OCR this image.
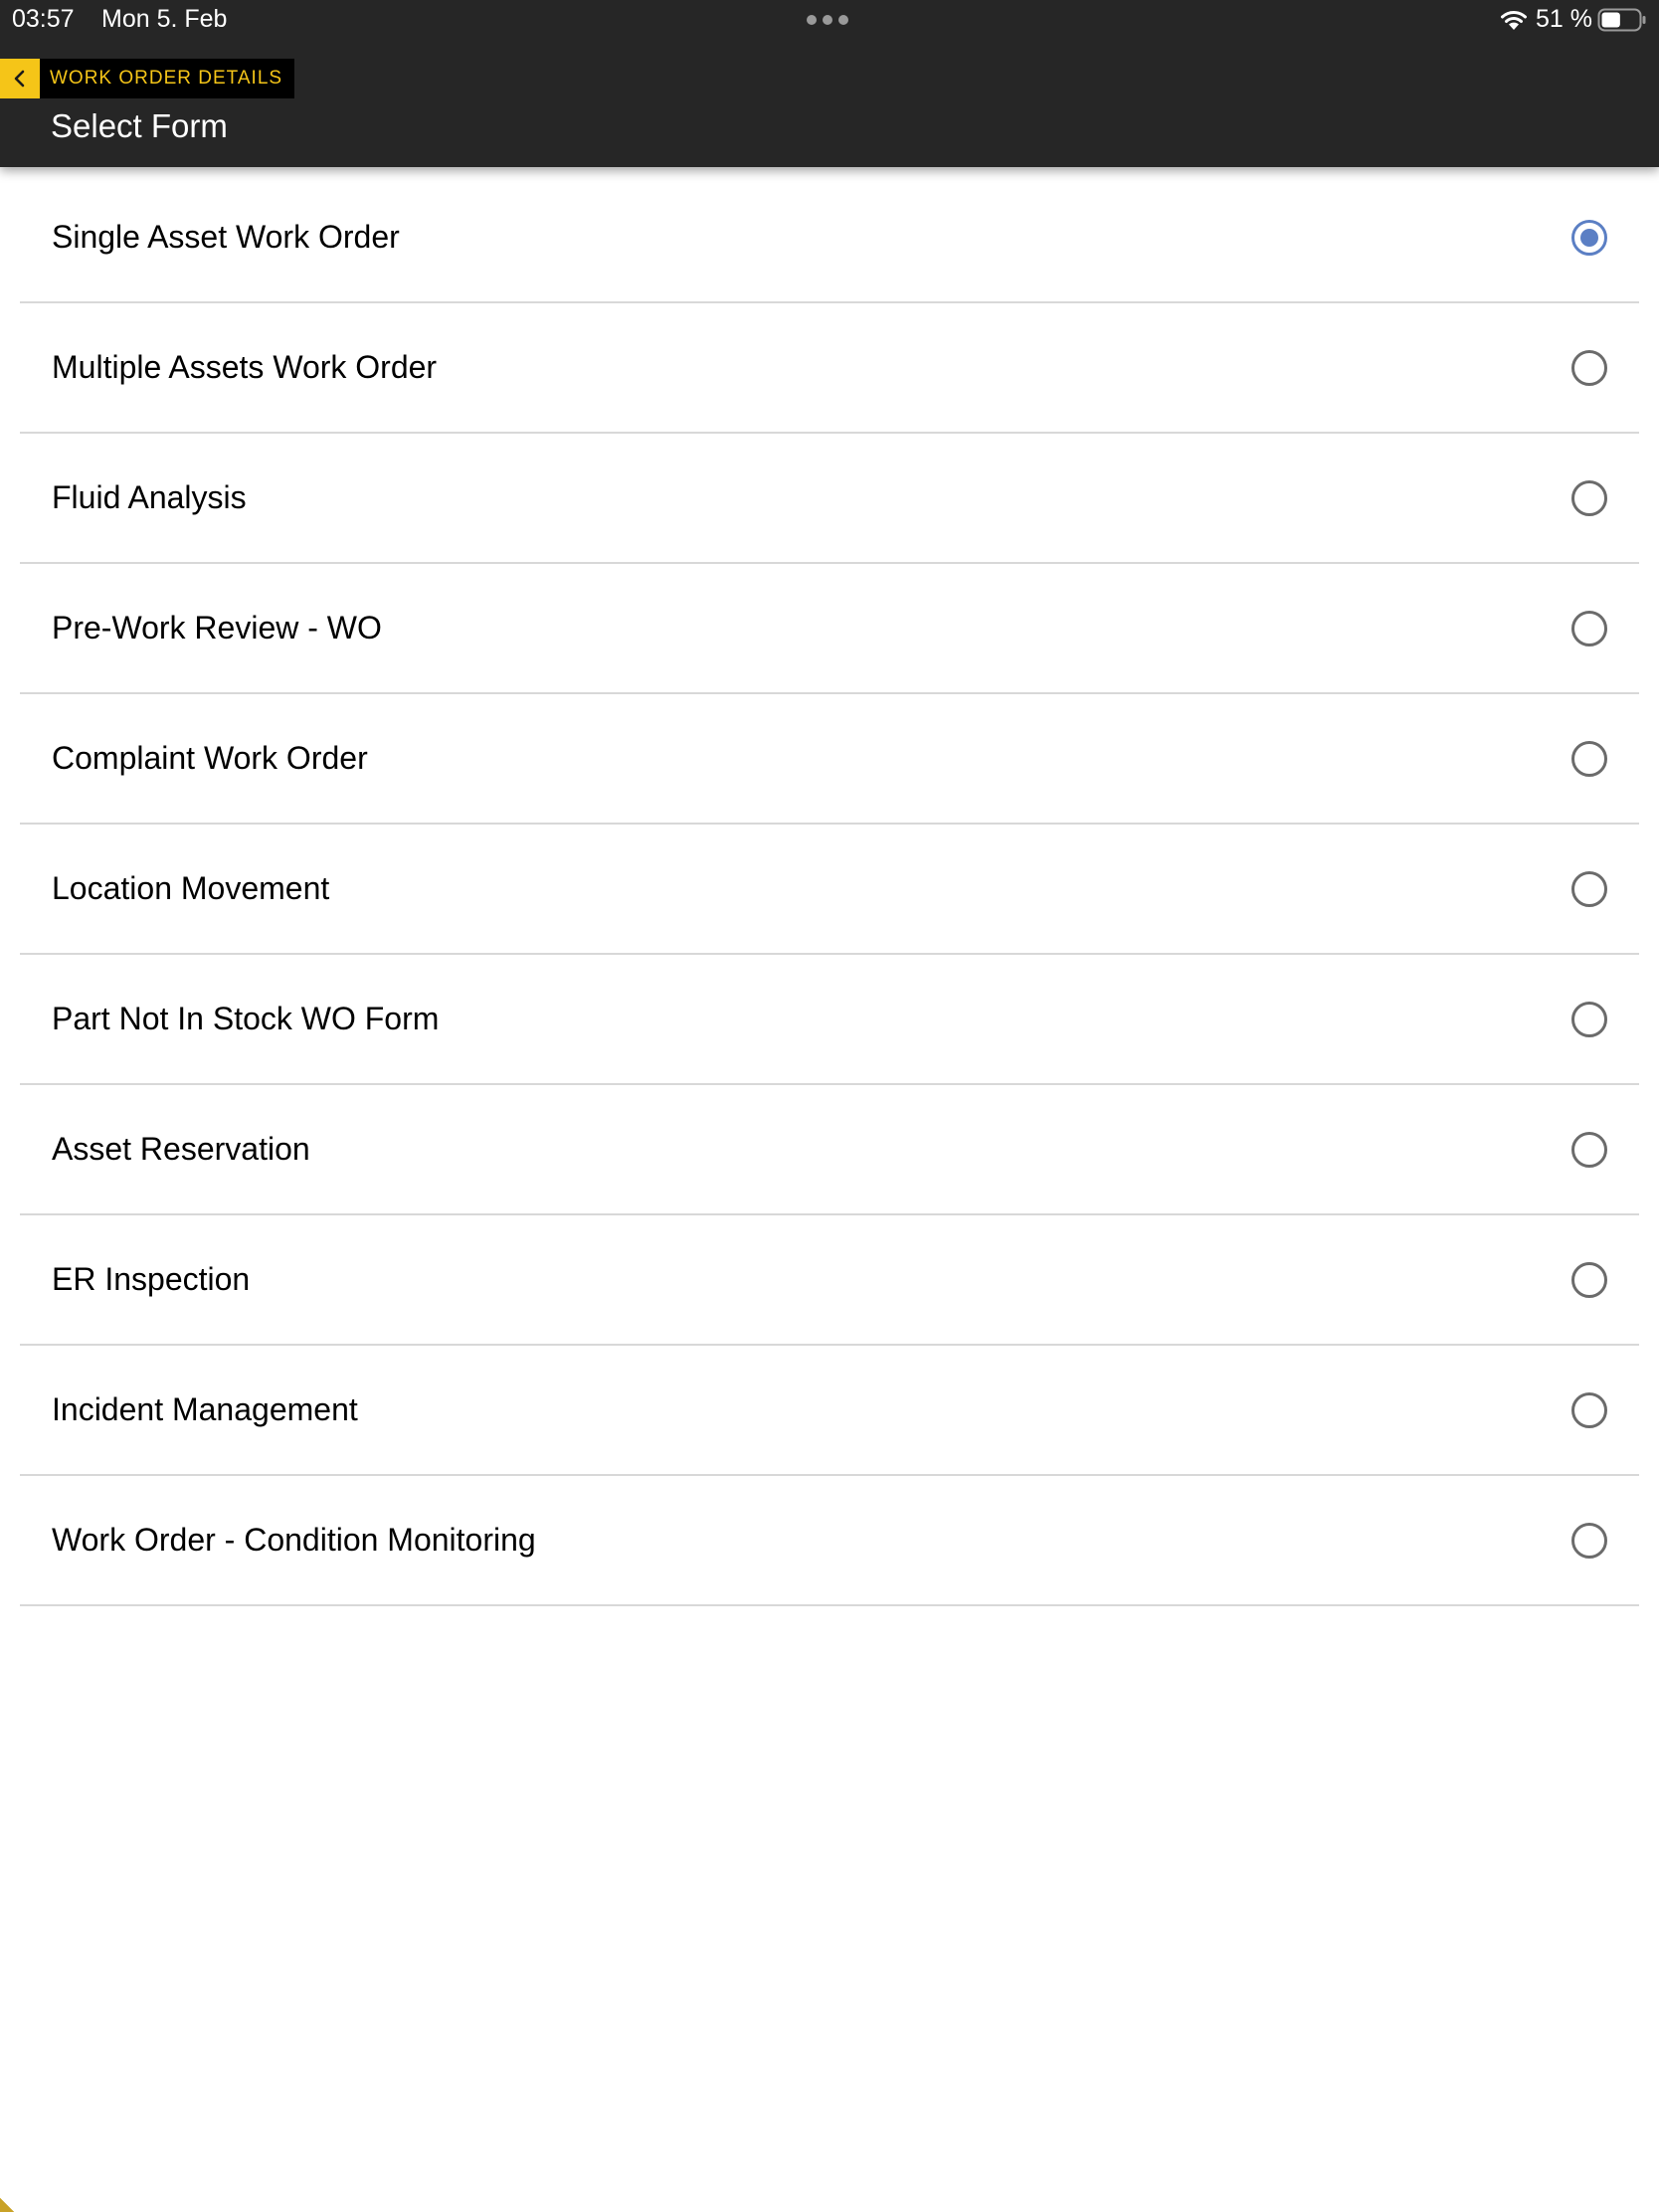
03:57 Mon 5. Feb	51 %
WORK ORDER DETAILS
Select Form
Single Asset Work Order
Multiple Assets Work Order
Fluid Analysis
Pre-Work Review - WO
Complaint Work Order
Location Movement
Part Not In Stock WO Form
Asset Reservation
ER Inspection
Incident Management
Work Order - Condition Monitoring
